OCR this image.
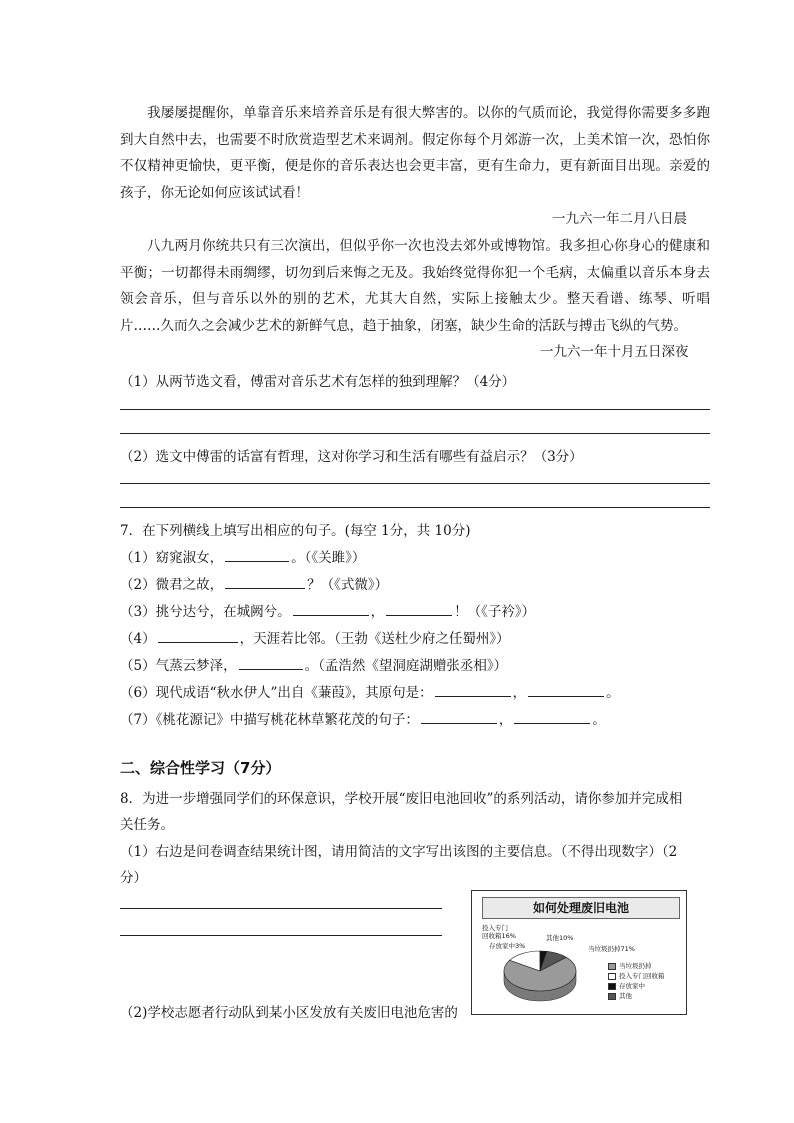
我屡屡提醒你，单靠音乐来培养音乐是有很大弊害的。以你的气质而论，我觉得你需要多多跑到大自然中去，也需要不时欣赏造型艺术来调剂。假定你每个月郊游一次，上美术馆一次，恐怕你不仅精神更愉快，更平衡，便是你的音乐表达也会更丰富，更有生命力，更有新面目出现。亲爱的孩子，你无论如何应该试试看！
一九六一年二月八日晨
八九两月你统共只有三次演出，但似乎你一次也没去郊外或博物馆。我多担心你身心的健康和平衡；一切都得未雨绸缪，切勿到后来悔之无及。我始终觉得你犯一个毛病，太偏重以音乐本身去领会音乐，但与音乐以外的别的艺术，尤其大自然，实际上接触太少。整天看谱、练琴、听唱片……久而久之会减少艺术的新鲜气息，趋于抽象，闭塞，缺少生命的活跃与搏击飞纵的气势。
一九六一年十月五日深夜
（1）从两节选文看，傅雷对音乐艺术有怎样的独到理解？（4分）
（2）选文中傅雷的话富有哲理，这对你学习和生活有哪些有益启示？（3分）
7．在下列横线上填写出相应的句子。(每空 1分，共 10分)
（1）窈窕淑女，	。（《关雎》）
（2）微君之故，	？（《式微》）
（3）挑兮达兮，在城阙兮。	，	！（《子衿》）
（4）	，天涯若比邻。（王勃《送杜少府之任蜀州》）
（5）气蒸云梦泽，	。（孟浩然《望洞庭湖赠张丞相》）
（6）现代成语“秋水伊人”出自《蒹葭》，其原句是：	，	。
（7）《桃花源记》中描写桃花林草繁花茂的句子：	，	。
二、综合性学习（7分）
8．为进一步增强同学们的环保意识，学校开展“废旧电池回收”的系列活动，请你参加并完成相
关任务。
（1）右边是问卷调查结果统计图，请用简洁的文字写出该图的主要信息。（不得出现数字）（2
分）
（2)学校志愿者行动队到某小区发放有关废旧电池危害的
如何处理废旧电池
投入专门
回收箱16%
存放家中3%
其他10%
当垃圾扔掉71%
当垃圾扔掉
投入专门回收箱
存放家中
其他
